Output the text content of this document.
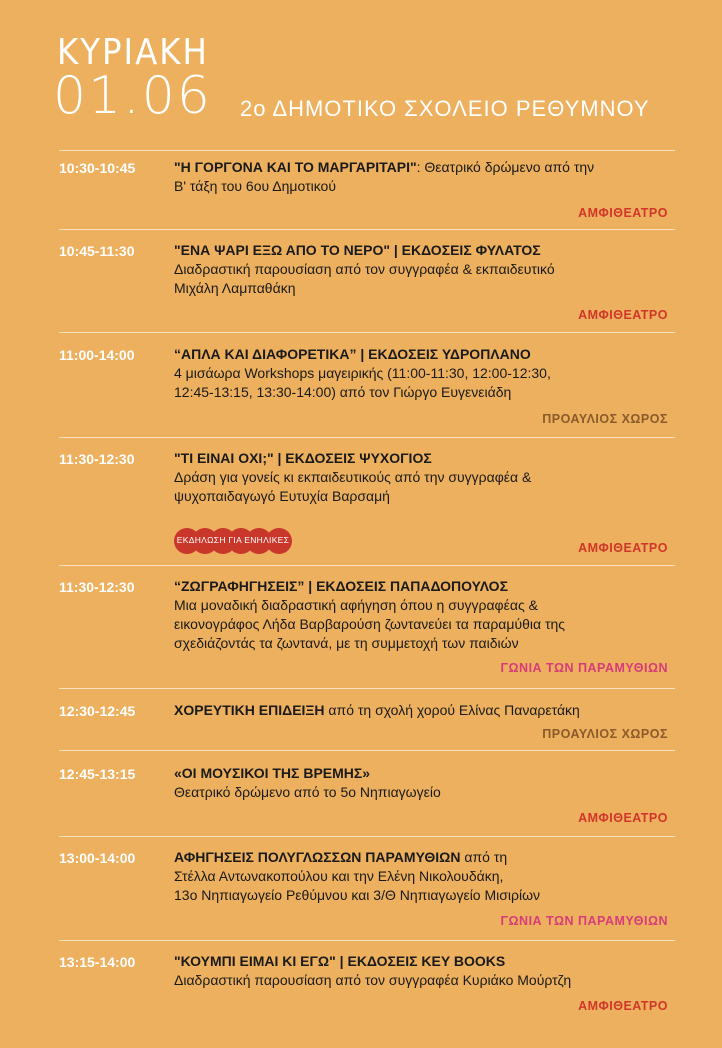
ΚΥΡΙΑΚΗ
01.06 2ο ΔΗΜΟΤΙΚΟ ΣΧΟΛΕΙΟ ΡΕΘΥΜΝΟΥ
10:30-10:45	"Η ΓΟΡΓΟΝΑ ΚΑΙ ΤΟ ΜΑΡΓΑΡΙΤΑΡΙ": Θεατρικό δρώμενο από την
Β' τάξη του 6ου Δημοτικού
ΑΜΦΙΘΕΑΤΡΟ
10:45-11:30	"ΕΝΑ ΨΑΡΙ ΕΞΩ ΑΠΟ ΤΟ ΝΕΡΟ" | ΕΚΔΟΣΕΙΣ ΦΥΛΑΤΟΣ
Διαδραστική παρουσίαση από τον συγγραφέα & εκπαιδευτικό
Μιχάλη Λαμπαθάκη
ΑΜΦΙΘΕΑΤΡΟ
11:00-14:00	“ΑΠΛΑ ΚΑΙ ΔΙΑΦΟΡΕΤΙΚΑ” | ΕΚΔΟΣΕΙΣ ΥΔΡΟΠΛΑΝΟ
4 μισάωρα Workshops μαγειρικής (11:00-11:30, 12:00-12:30,
12:45-13:15, 13:30-14:00) από τον Γιώργο Ευγενειάδη
ΠΡΟΑΥΛΙΟΣ ΧΩΡΟΣ
11:30-12:30	"ΤΙ ΕΙΝΑΙ ΟΧΙ;" | ΕΚΔΟΣΕΙΣ ΨΥΧΟΓΙΟΣ
Δράση για γονείς κι εκπαιδευτικούς από την συγγραφέα &
ψυχοπαιδαγωγό Ευτυχία Βαρσαμή
ΑΜΦΙΘΕΑΤΡΟ
ΕΚΔΗΛΩΣΗ ΓΙΑ ΕΝΗΛΙΚΕΣ
11:30-12:30	“ΖΩΓΡΑΦΗΓΗΣΕΙΣ” | ΕΚΔΟΣΕΙΣ ΠΑΠΑΔΟΠΟΥΛΟΣ
Μια μοναδική διαδραστική αφήγηση όπου η συγγραφέας &
εικονογράφος Λήδα Βαρβαρούση ζωντανεύει τα παραμύθια της
σχεδιάζοντάς τα ζωντανά, με τη συμμετοχή των παιδιών
ΓΩΝΙΑ ΤΩΝ ΠΑΡΑΜΥΘΙΩΝ
12:30-12:45	ΧΟΡΕΥΤΙΚΗ ΕΠΙΔΕΙΞΗ από τη σχολή χορού Ελίνας Παναρετάκη
ΠΡΟΑΥΛΙΟΣ ΧΩΡΟΣ
12:45-13:15	«ΟΙ ΜΟΥΣΙΚΟΙ ΤΗΣ ΒΡΕΜΗΣ»
Θεατρικό δρώμενο από το 5ο Νηπιαγωγείο
ΑΜΦΙΘΕΑΤΡΟ
13:00-14:00	ΑΦΗΓΗΣΕΙΣ ΠΟΛΥΓΛΩΣΣΩΝ ΠΑΡΑΜΥΘΙΩΝ από τη
Στέλλα Αντωνακοπούλου και την Ελένη Νικολουδάκη,
13ο Νηπιαγωγείο Ρεθύμνου και 3/Θ Νηπιαγωγείο Μισιρίων
ΓΩΝΙΑ ΤΩΝ ΠΑΡΑΜΥΘΙΩΝ
13:15-14:00	"ΚΟΥΜΠΙ ΕΙΜΑΙ ΚΙ ΕΓΩ" | ΕΚΔΟΣΕΙΣ KEY BOOKS
Διαδραστική παρουσίαση από τον συγγραφέα Κυριάκο Μούρτζη
ΑΜΦΙΘΕΑΤΡΟ
